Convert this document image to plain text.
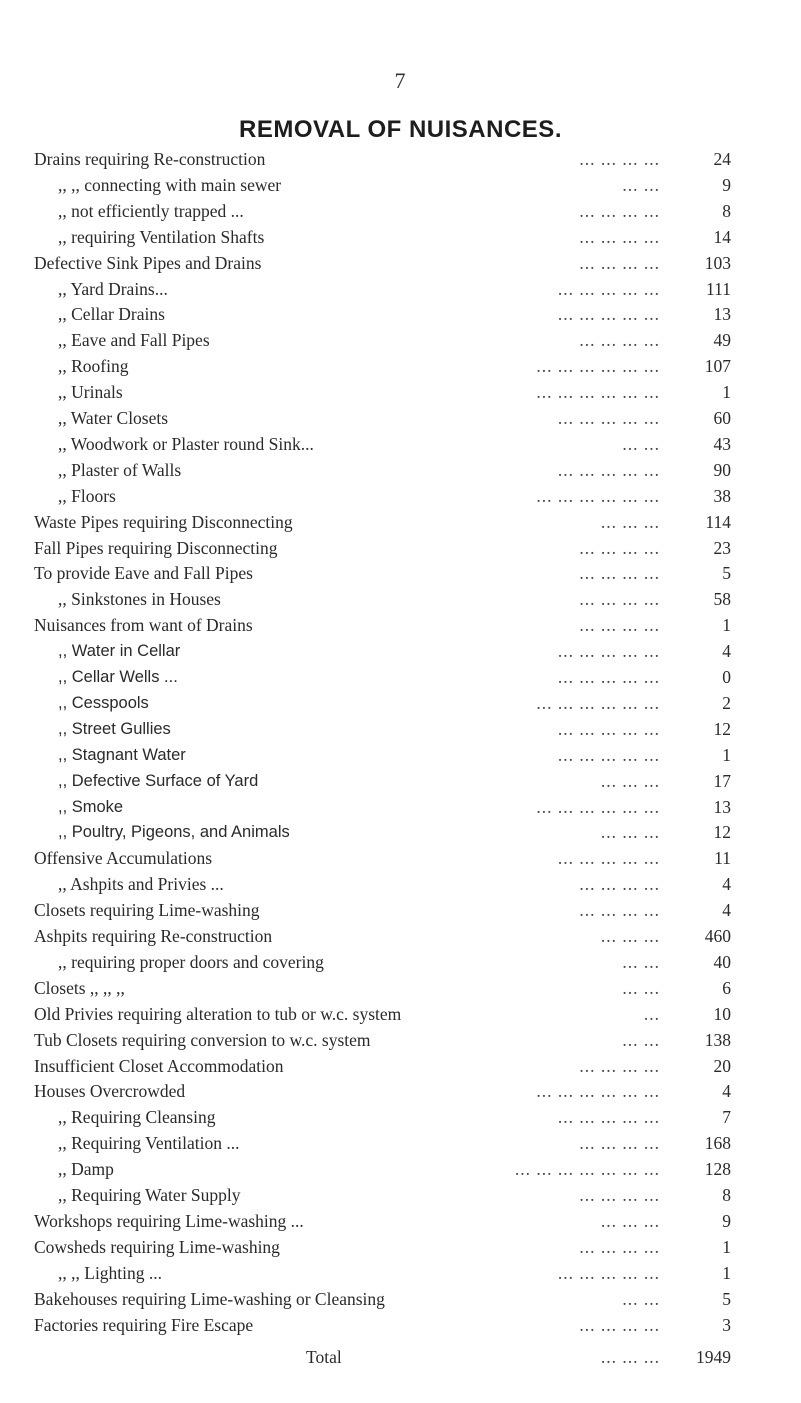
7
REMOVAL OF NUISANCES.
Drains requiring Re-construction	... ... ... ...	24
,, ,, connecting with main sewer	... ...	9
,, not efficiently trapped ...	... ... ... ...	8
,, requiring Ventilation Shafts	... ... ... ...	14
Defective Sink Pipes and Drains	... ... ... ...	103
,, Yard Drains...	... ... ... ... ...	111
,, Cellar Drains	... ... ... ... ...	13
,, Eave and Fall Pipes	... ... ... ...	49
,, Roofing	... ... ... ... ... ...	107
,, Urinals	... ... ... ... ... ...	1
,, Water Closets	... ... ... ... ...	60
,, Woodwork or Plaster round Sink...	... ...	43
,, Plaster of Walls	... ... ... ... ...	90
,, Floors	... ... ... ... ... ...	38
Waste Pipes requiring Disconnecting	... ... ...	114
Fall Pipes requiring Disconnecting	... ... ... ...	23
To provide Eave and Fall Pipes	... ... ... ...	5
,, Sinkstones in Houses	... ... ... ...	58
Nuisances from want of Drains	... ... ... ...	1
,, Water in Cellar	... ... ... ... ...	4
,, Cellar Wells ...	... ... ... ... ...	0
,, Cesspools	... ... ... ... ... ...	2
,, Street Gullies	... ... ... ... ...	12
,, Stagnant Water	... ... ... ... ...	1
,, Defective Surface of Yard	... ... ...	17
,, Smoke	... ... ... ... ... ...	13
,, Poultry, Pigeons, and Animals	... ... ...	12
Offensive Accumulations	... ... ... ... ...	11
,, Ashpits and Privies ...	... ... ... ...	4
Closets requiring Lime-washing	... ... ... ...	4
Ashpits requiring Re-construction	... ... ...	460
,, requiring proper doors and covering	... ...	40
Closets ,, ,, ,,	... ...	6
Old Privies requiring alteration to tub or w.c. system	...	10
Tub Closets requiring conversion to w.c. system	... ...	138
Insufficient Closet Accommodation	... ... ... ...	20
Houses Overcrowded	... ... ... ... ... ...	4
,, Requiring Cleansing	... ... ... ... ...	7
,, Requiring Ventilation ...	... ... ... ...	168
,, Damp	... ... ... ... ... ... ...	128
,, Requiring Water Supply	... ... ... ...	8
Workshops requiring Lime-washing ...	... ... ...	9
Cowsheds requiring Lime-washing	... ... ... ...	1
,, ,, Lighting ...	... ... ... ... ...	1
Bakehouses requiring Lime-washing or Cleansing	... ...	5
Factories requiring Fire Escape	... ... ... ...	3
Total	... ... ...	1949
